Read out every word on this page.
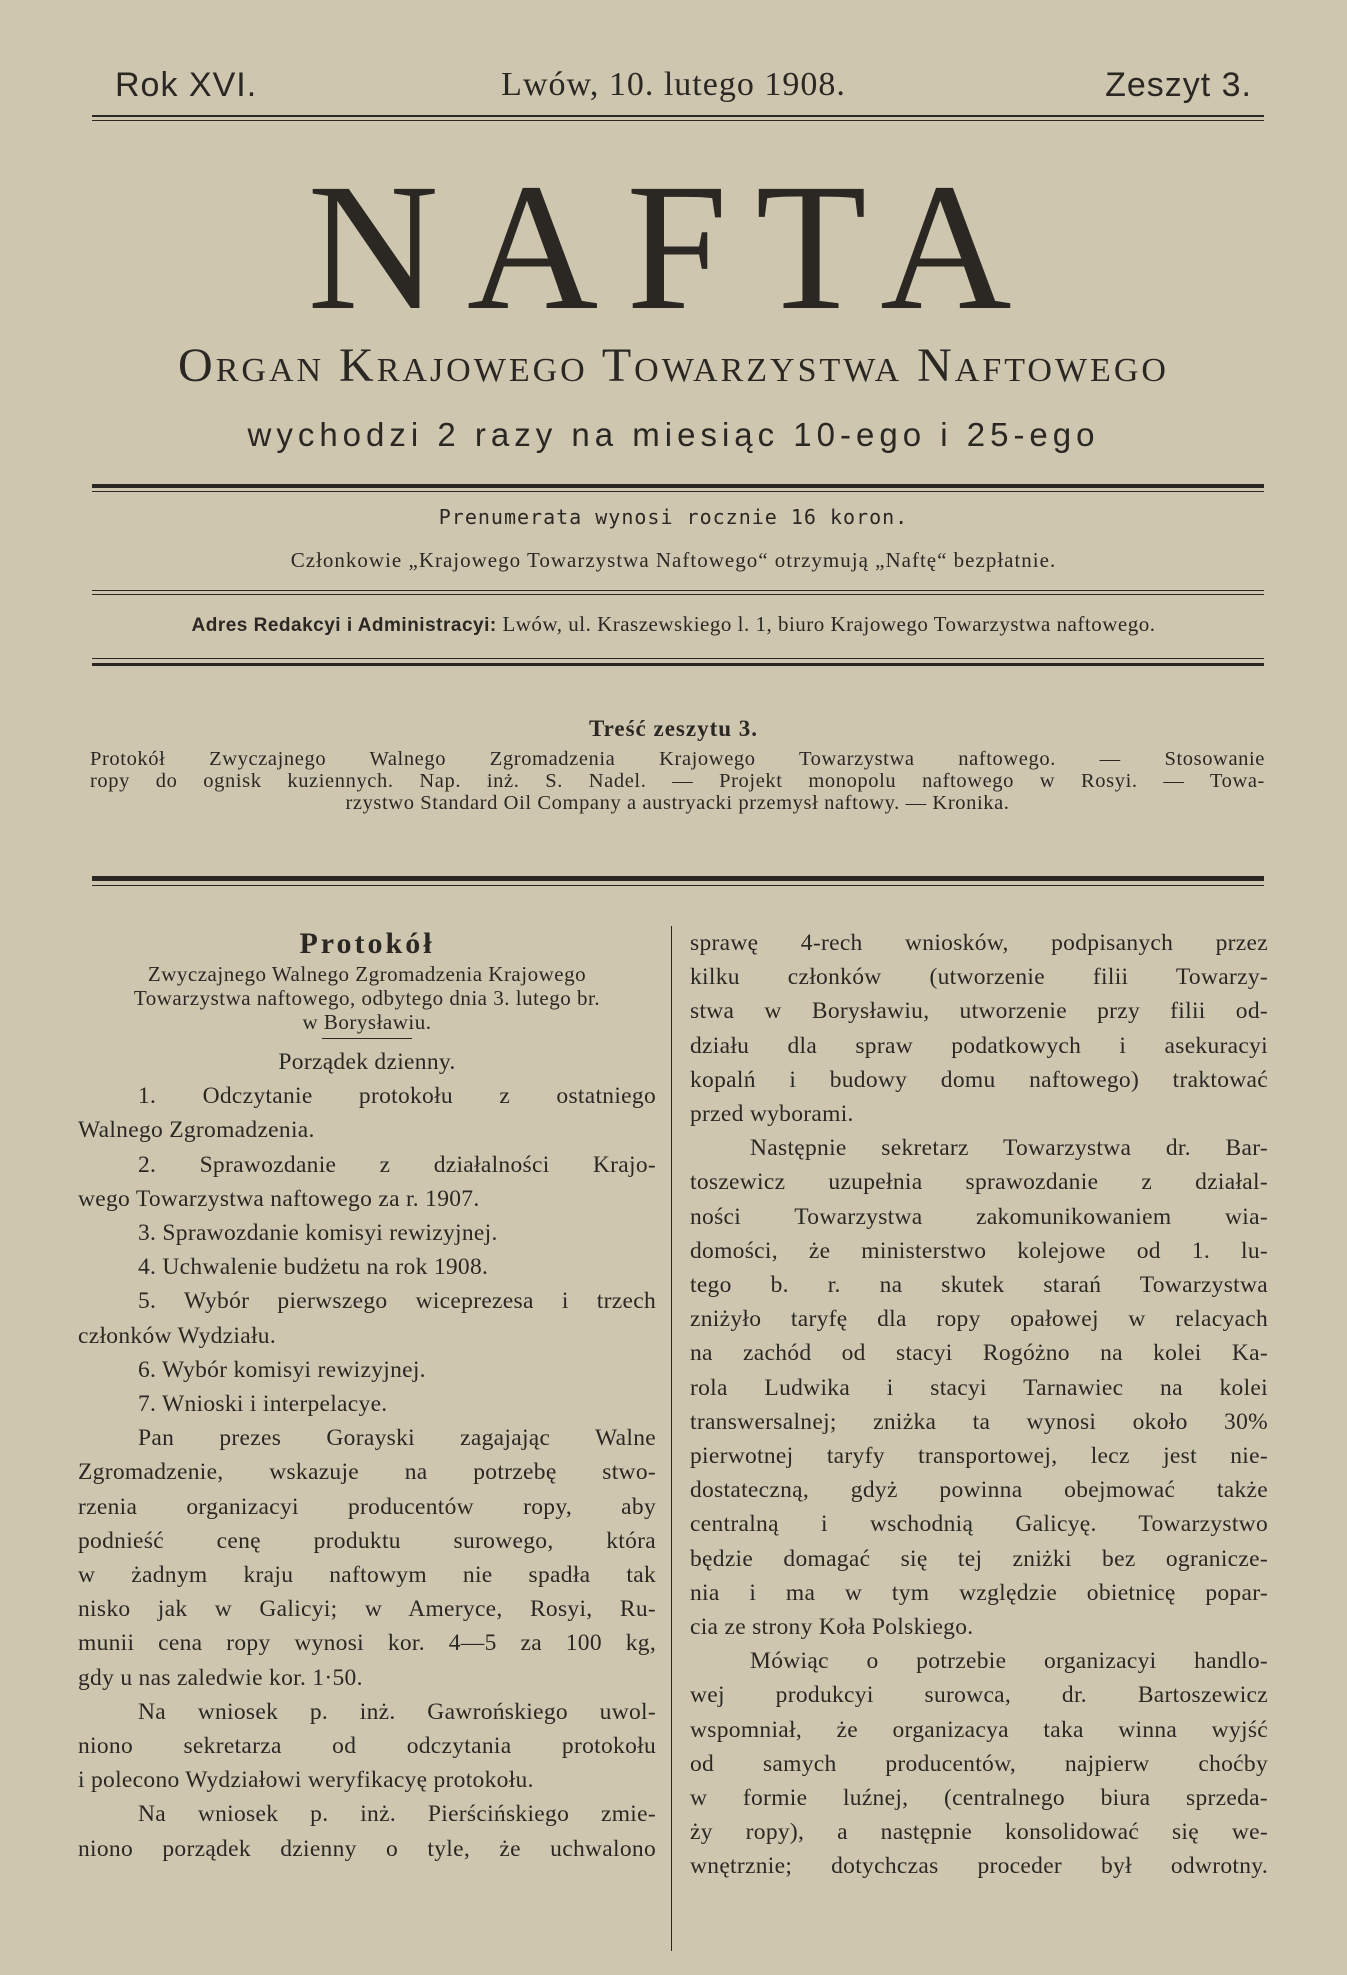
Rok XVI.	Lwów, 10. lutego 1908.	Zeszyt 3.
NAFTA
Organ Krajowego Towarzystwa Naftowego
wychodzi 2 razy na miesiąc 10-ego i 25-ego
Prenumerata wynosi rocznie 16 koron.
Członkowie „Krajowego Towarzystwa Naftowego“ otrzymują „Naftę“ bezpłatnie.
Adres Redakcyi i Administracyi: Lwów, ul. Kraszewskiego l. 1, biuro Krajowego Towarzystwa naftowego.
Treść zeszytu 3.
Protokół Zwyczajnego Walnego Zgromadzenia Krajowego Towarzystwa naftowego. — Stosowanie
ropy do ognisk kuziennych. Nap. inż. S. Nadel. — Projekt monopolu naftowego w Rosyi. — Towa-
rzystwo Standard Oil Company a austryacki przemysł naftowy. — Kronika.
Protokół
Zwyczajnego Walnego Zgromadzenia Krajowego
Towarzystwa naftowego, odbytego dnia 3. lutego br.
w Borysławiu.
Porządek dzienny.
1. Odczytanie protokołu z ostatniego
Walnego Zgromadzenia.
2. Sprawozdanie z działalności Krajo-
wego Towarzystwa naftowego za r. 1907.
3. Sprawozdanie komisyi rewizyjnej.
4. Uchwalenie budżetu na rok 1908.
5. Wybór pierwszego wiceprezesa i trzech
członków Wydziału.
6. Wybór komisyi rewizyjnej.
7. Wnioski i interpelacye.
Pan prezes Gorayski zagajając Walne
Zgromadzenie, wskazuje na potrzebę stwo-
rzenia organizacyi producentów ropy, aby
podnieść cenę produktu surowego, która
w żadnym kraju naftowym nie spadła tak
nisko jak w Galicyi; w Ameryce, Rosyi, Ru-
munii cena ropy wynosi kor. 4—5 za 100 kg,
gdy u nas zaledwie kor. 1·50.
Na wniosek p. inż. Gawrońskiego uwol-
niono sekretarza od odczytania protokołu
i polecono Wydziałowi weryfikacyę protokołu.
Na wniosek p. inż. Pierścińskiego zmie-
niono porządek dzienny o tyle, że uchwalono
sprawę 4-rech wniosków, podpisanych przez
kilku członków (utworzenie filii Towarzy-
stwa w Borysławiu, utworzenie przy filii od-
działu dla spraw podatkowych i asekuracyi
kopalń i budowy domu naftowego) traktować
przed wyborami.
Następnie sekretarz Towarzystwa dr. Bar-
toszewicz uzupełnia sprawozdanie z działal-
ności Towarzystwa zakomunikowaniem wia-
domości, że ministerstwo kolejowe od 1. lu-
tego b. r. na skutek starań Towarzystwa
zniżyło taryfę dla ropy opałowej w relacyach
na zachód od stacyi Rogóżno na kolei Ka-
rola Ludwika i stacyi Tarnawiec na kolei
transwersalnej; zniżka ta wynosi około 30%
pierwotnej taryfy transportowej, lecz jest nie-
dostateczną, gdyż powinna obejmować także
centralną i wschodnią Galicyę. Towarzystwo
będzie domagać się tej zniżki bez ogranicze-
nia i ma w tym względzie obietnicę popar-
cia ze strony Koła Polskiego.
Mówiąc o potrzebie organizacyi handlo-
wej produkcyi surowca, dr. Bartoszewicz
wspomniał, że organizacya taka winna wyjść
od samych producentów, najpierw choćby
w formie luźnej, (centralnego biura sprzeda-
ży ropy), a następnie konsolidować się we-
wnętrznie; dotychczas proceder był odwrotny.
